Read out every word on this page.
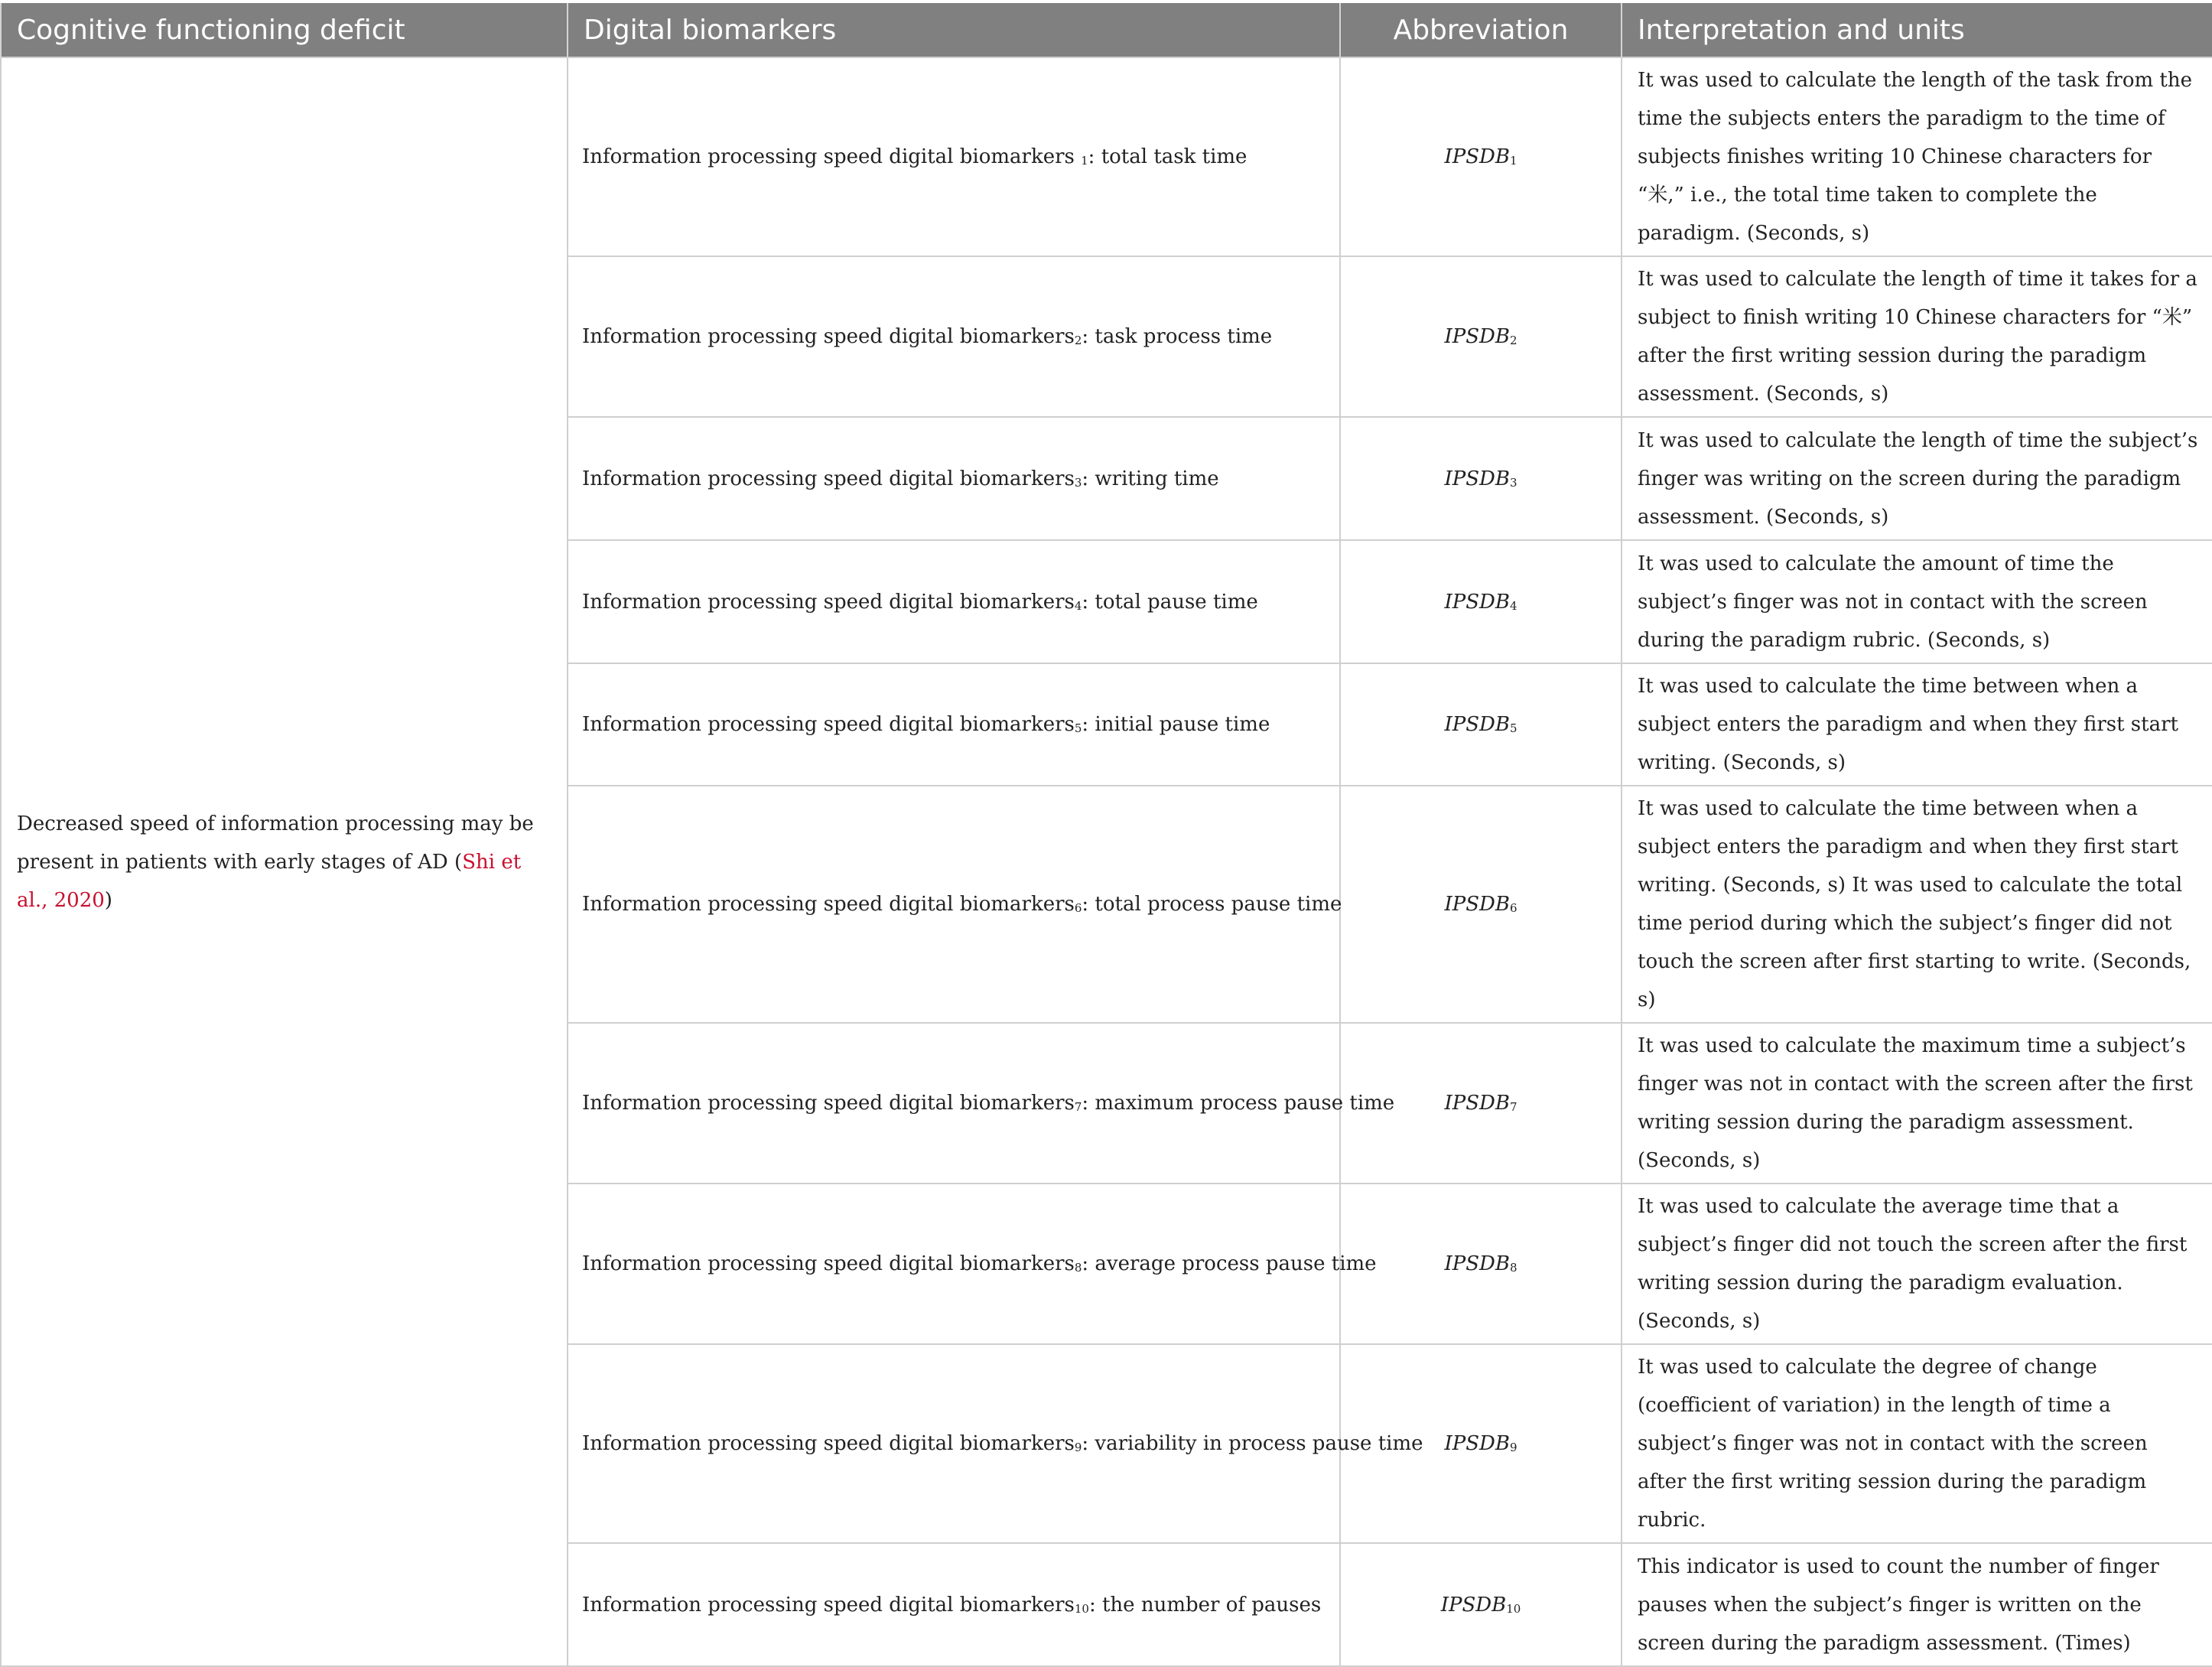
Cognitive functioning deficit	Digital biomarkers	Abbreviation	Interpretation and units
Decreased speed of information processing may be present in patients with early stages of AD (Shi et al., 2020)	Information processing speed digital biomarkers $_1$: total task time	$IPSDB_1$	It was used to calculate the length of the task from the time the subjects enters the paradigm to the time of subjects finishes writing 10 Chinese characters for “米,” i.e., the total time taken to complete the paradigm. (Seconds, s)
	Information processing speed digital biomarkers$_2$: task process time	$IPSDB_2$	It was used to calculate the length of time it takes for a subject to finish writing 10 Chinese characters for “米” after the first writing session during the paradigm assessment. (Seconds, s)
	Information processing speed digital biomarkers$_3$: writing time	$IPSDB_3$	It was used to calculate the length of time the subject’s finger was writing on the screen during the paradigm assessment. (Seconds, s)
	Information processing speed digital biomarkers$_4$: total pause time	$IPSDB_4$	It was used to calculate the amount of time the subject’s finger was not in contact with the screen during the paradigm rubric. (Seconds, s)
	Information processing speed digital biomarkers$_5$: initial pause time	$IPSDB_5$	It was used to calculate the time between when a subject enters the paradigm and when they first start writing. (Seconds, s)
	Information processing speed digital biomarkers$_6$: total process pause time	$IPSDB_6$	It was used to calculate the time between when a subject enters the paradigm and when they first start writing. (Seconds, s) It was used to calculate the total time period during which the subject’s finger did not touch the screen after first starting to write. (Seconds, s)
	Information processing speed digital biomarkers$_7$: maximum process pause time	$IPSDB_7$	It was used to calculate the maximum time a subject’s finger was not in contact with the screen after the first writing session during the paradigm assessment. (Seconds, s)
	Information processing speed digital biomarkers$_8$: average process pause time	$IPSDB_8$	It was used to calculate the average time that a subject’s finger did not touch the screen after the first writing session during the paradigm evaluation. (Seconds, s)
	Information processing speed digital biomarkers$_9$: variability in process pause time	$IPSDB_9$	It was used to calculate the degree of change (coefficient of variation) in the length of time a subject’s finger was not in contact with the screen after the first writing session during the paradigm rubric.
	Information processing speed digital biomarkers$_{10}$: the number of pauses	$IPSDB_{10}$	This indicator is used to count the number of finger pauses when the subject’s finger is written on the screen during the paradigm assessment. (Times)
